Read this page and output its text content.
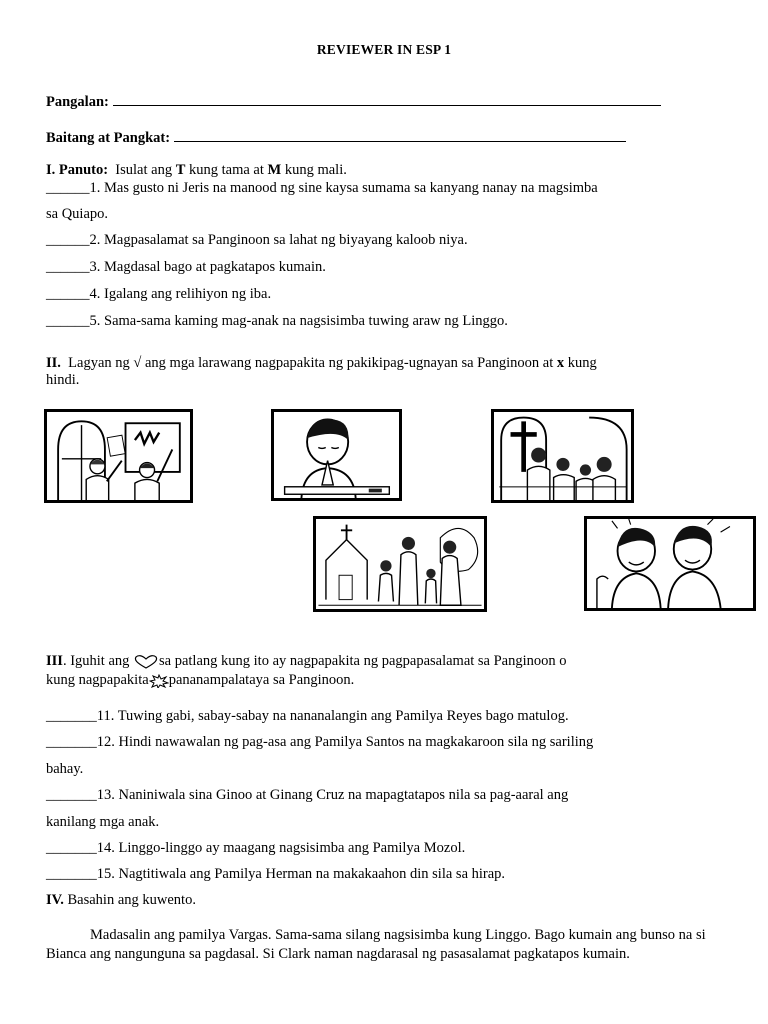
REVIEWER IN ESP 1
Pangalan:
Baitang at Pangkat:
I. Panuto: Isulat ang T kung tama at M kung mali.
______1. Mas gusto ni Jeris na manood ng sine kaysa sumama sa kanyang nanay na magsimba
sa Quiapo.
______2. Magpasalamat sa Panginoon sa lahat ng biyayang kaloob niya.
______3. Magdasal bago at pagkatapos kumain.
______4. Igalang ang relihiyon ng iba.
______5. Sama-sama kaming mag-anak na nagsisimba tuwing araw ng Linggo.
II. Lagyan ng √ ang mga larawang nagpapakita ng pakikipag-ugnayan sa Panginoon at x kung
hindi.
III. Iguhit ang sa patlang kung ito ay nagpapakita ng pagpapasalamat sa Panginoon o
kung nagpapakita pananampalataya sa Panginoon.
_______11. Tuwing gabi, sabay-sabay na nananalangin ang Pamilya Reyes bago matulog.
_______12. Hindi nawawalan ng pag-asa ang Pamilya Santos na magkakaroon sila ng sariling
bahay.
_______13. Naniniwala sina Ginoo at Ginang Cruz na mapagtatapos nila sa pag-aaral ang
kanilang mga anak.
_______14. Linggo-linggo ay maagang nagsisimba ang Pamilya Mozol.
_______15. Nagtitiwala ang Pamilya Herman na makakaahon din sila sa hirap.
IV. Basahin ang kuwento.
Madasalin ang pamilya Vargas. Sama-sama silang nagsisimba kung Linggo. Bago kumain ang bunso na si Bianca ang nangunguna sa pagdasal. Si Clark naman nagdarasal ng pasasalamat pagkatapos kumain.
